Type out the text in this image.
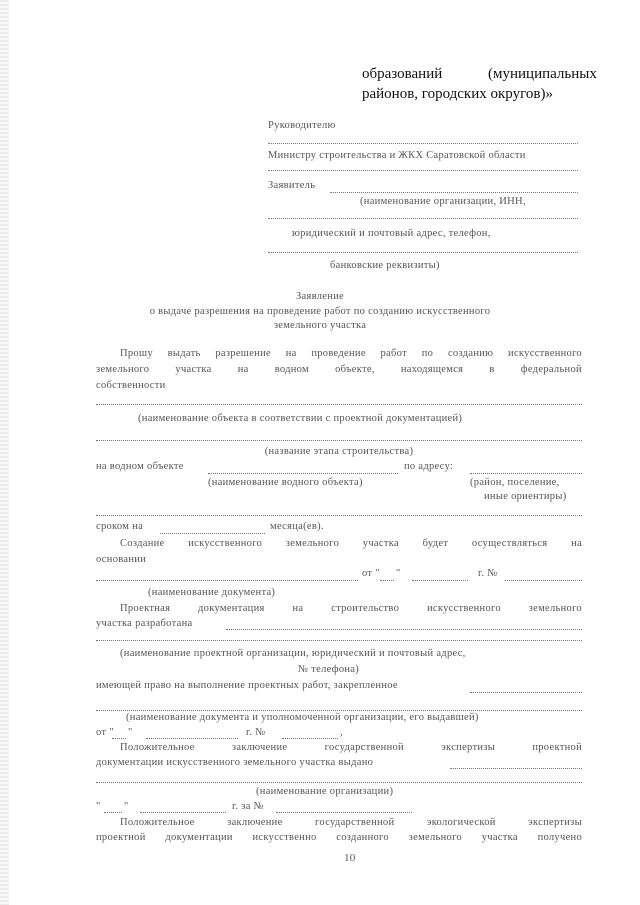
образований	(муниципальных
районов, городских округов)»
Руководителю
Министру строительства и ЖКХ Саратовской области
Заявитель
(наименование организации, ИНН,
юридический и почтовый адрес, телефон,
банковские реквизиты)
Заявление
о выдаче разрешения на проведение работ по созданию искусственного
земельного участка
Прошу выдать разрешение на проведение работ по созданию искусственного
земельного участка на водном объекте, находящемся в федеральной
собственности
(наименование объекта в соответствии с проектной документацией)
(название этапа строительства)
на водном объекте	по адресу:
(наименование водного объекта)	(район, поселение,
иные ориентиры)
сроком на	месяца(ев).
Создание искусственного земельного участка будет осуществляться на
основании
от " "	г. №
(наименование документа)
Проектная документация на строительство искусственного земельного
участка разработана
(наименование проектной организации, юридический и почтовый адрес,
№ телефона)
имеющей право на выполнение проектных работ, закрепленное
(наименование документа и уполномоченной организации, его выдавшей)
от " "	г. №	,
Положительное заключение государственной экспертизы проектной
документации искусственного земельного участка выдано
(наименование организации)
" "	г. за №
Положительное заключение государственной экологической экспертизы
проектной документации искусственно созданного земельного участка получено
10
